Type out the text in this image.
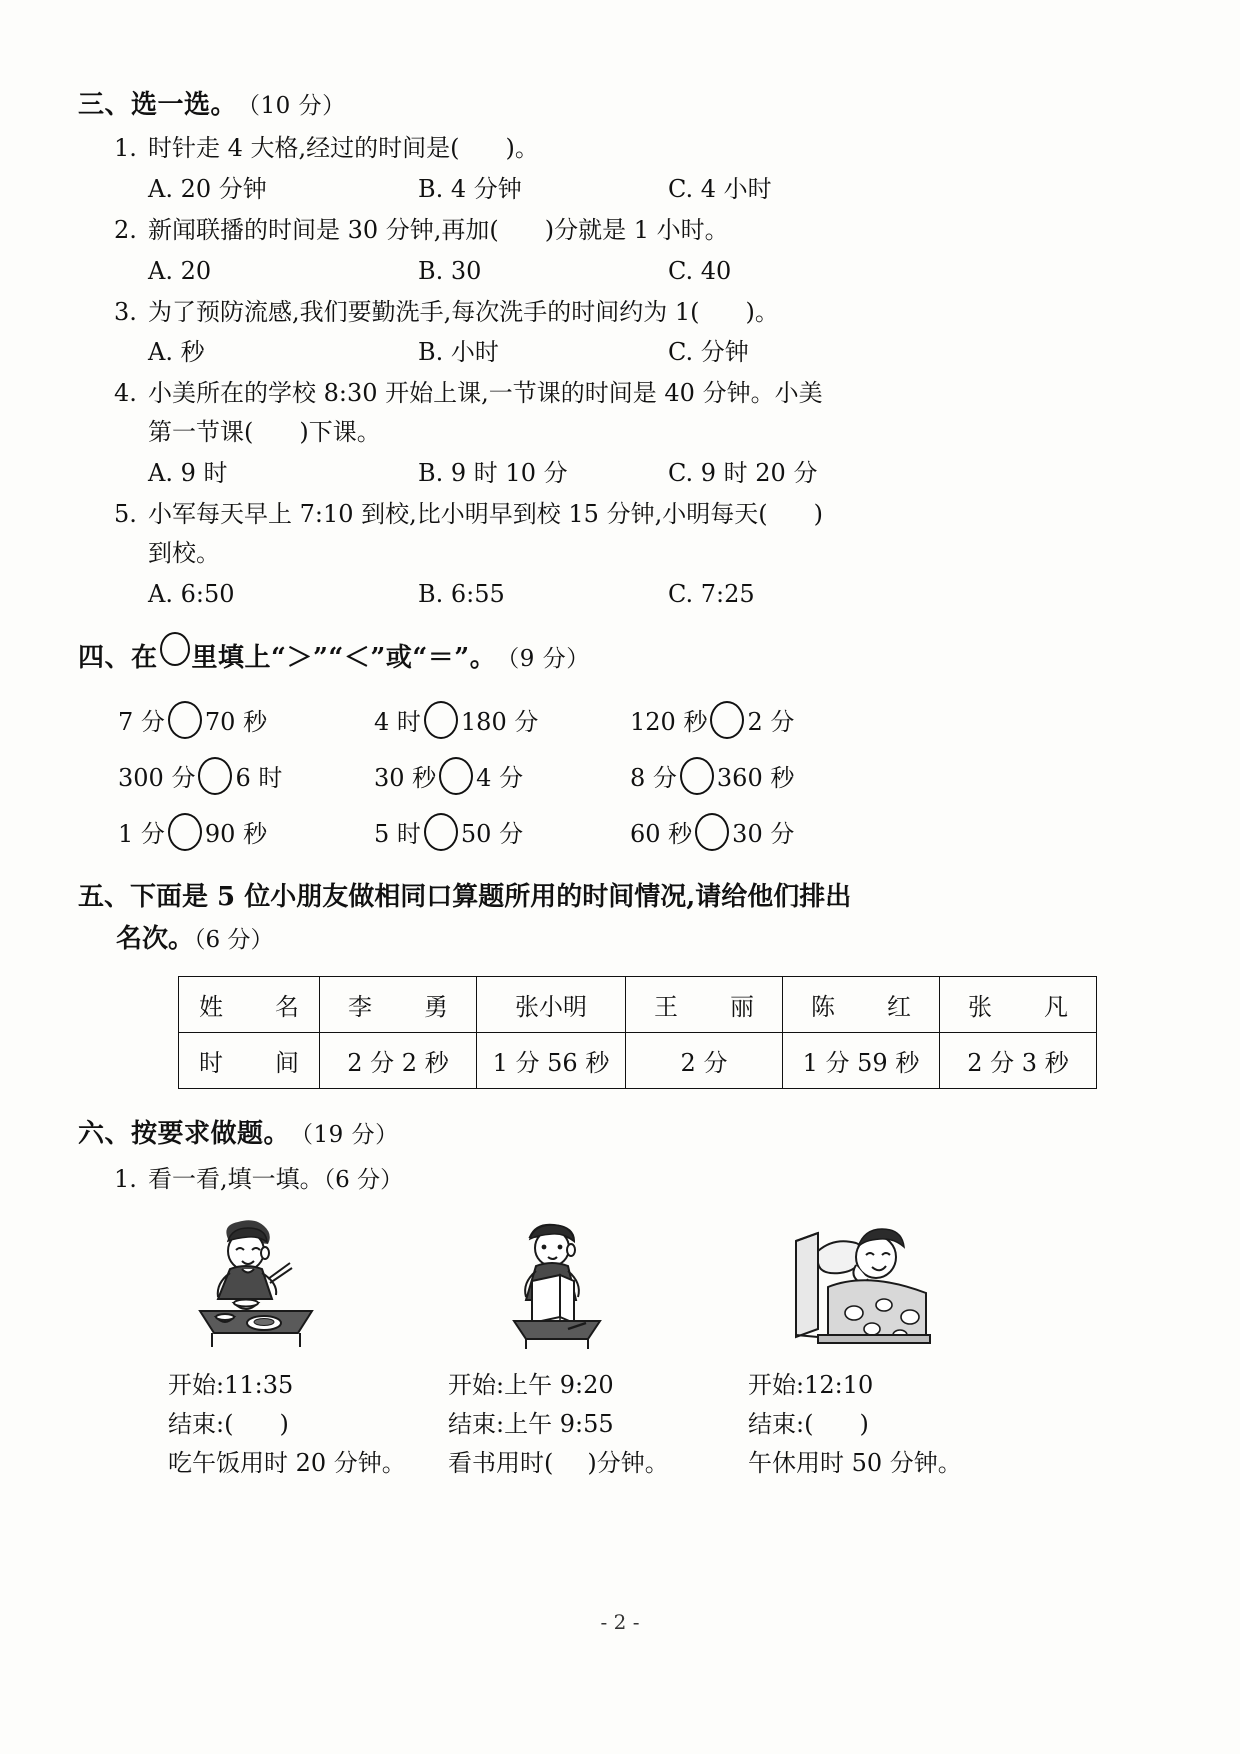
三、选一选。 （10 分）
1. 时针走 4 大格,经过的时间是( )。
A. 20 分钟	B. 4 分钟	C. 4 小时
2. 新闻联播的时间是 30 分钟,再加( )分就是 1 小时。
A. 20	B. 30	C. 40
3. 为了预防流感,我们要勤洗手,每次洗手的时间约为 1( )。
A. 秒	B. 小时	C. 分钟
4. 小美所在的学校 8:30 开始上课,一节课的时间是 40 分钟。小美
第一节课( )下课。
A. 9 时	B. 9 时 10 分	C. 9 时 20 分
5. 小军每天早上 7:10 到校,比小明早到校 15 分钟,小明每天( )
到校。
A. 6:50	B. 6:55	C. 7:25
四、在 里填上“＞”“＜”或“＝”。 （9 分）
7 分 70 秒	4 时 180 分	120 秒 2 分
300 分 6 时	30 秒 4 分	8 分 360 秒
1 分 90 秒	5 时 50 分	60 秒 30 分
五、下面是 5 位小朋友做相同口算题所用的时间情况,请给他们排出
名次。（6 分）
姓　名	李　勇	张小明	王　丽	陈　红	张　凡
时　间	2 分 2 秒	1 分 56 秒	2 分	1 分 59 秒	2 分 3 秒
六、按要求做题。 （19 分）
1. 看一看,填一填。（6 分）
开始:11:35
结束:( )
吃午饭用时 20 分钟。
开始:上午 9:20
结束:上午 9:55
看书用时( )分钟。
开始:12:10
结束:( )
午休用时 50 分钟。
- 2 -
